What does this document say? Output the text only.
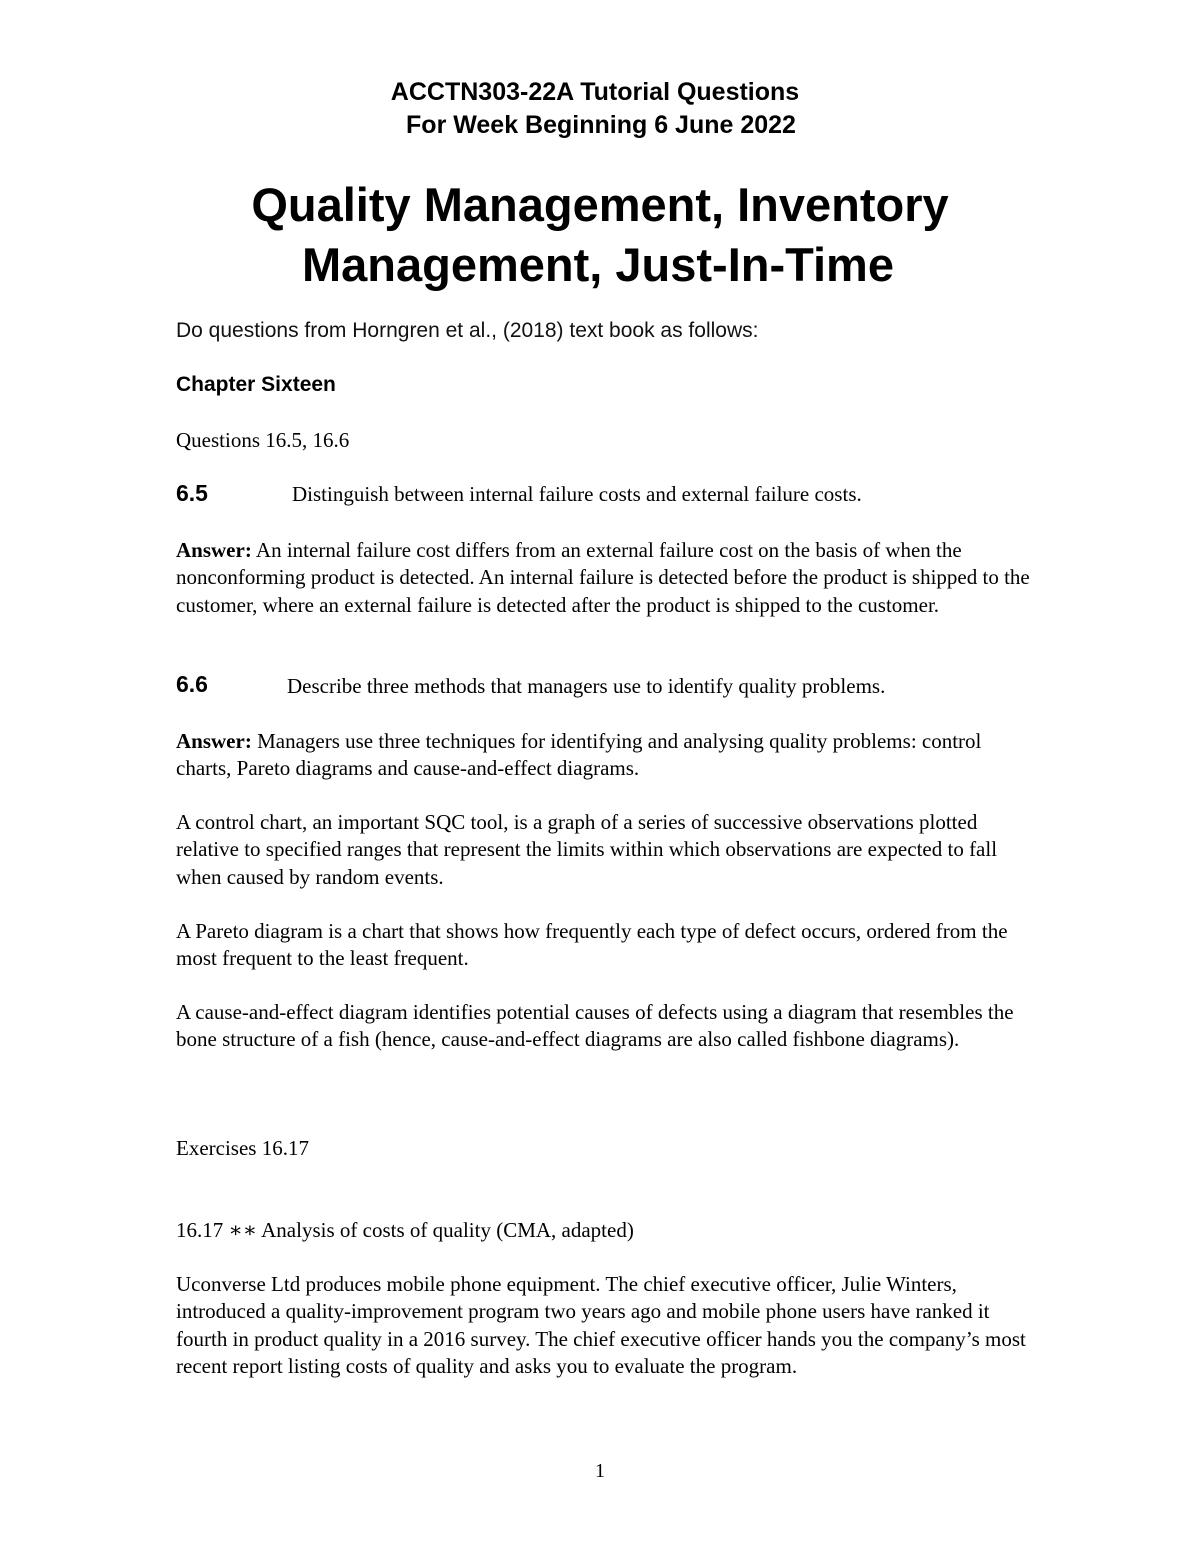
ACCTN303-22A Tutorial Questions
For Week Beginning 6 June 2022
Quality Management, Inventory
Management, Just-In-Time
Do questions from Horngren et al., (2018) text book as follows:
Chapter Sixteen
Questions 16.5, 16.6
6.5	Distinguish between internal failure costs and external failure costs.

Answer: An internal failure cost differs from an external failure cost on the basis of when the nonconforming product is detected. An internal failure is detected before the product is shipped to the customer, where an external failure is detected after the product is shipped to the customer.

6.6	Describe three methods that managers use to identify quality problems.

Answer: Managers use three techniques for identifying and analysing quality problems: control charts, Pareto diagrams and cause-and-effect diagrams.

A control chart, an important SQC tool, is a graph of a series of successive observations plotted relative to specified ranges that represent the limits within which observations are expected to fall when caused by random events.

A Pareto diagram is a chart that shows how frequently each type of defect occurs, ordered from the most frequent to the least frequent.

A cause-and-effect diagram identifies potential causes of defects using a diagram that resembles the bone structure of a fish (hence, cause-and-effect diagrams are also called fishbone diagrams).

Exercises 16.17
16.17 ∗∗ Analysis of costs of quality (CMA, adapted)

Uconverse Ltd produces mobile phone equipment. The chief executive officer, Julie Winters, introduced a quality-improvement program two years ago and mobile phone users have ranked it fourth in product quality in a 2016 survey. The chief executive officer hands you the company’s most recent report listing costs of quality and asks you to evaluate the program.

1
